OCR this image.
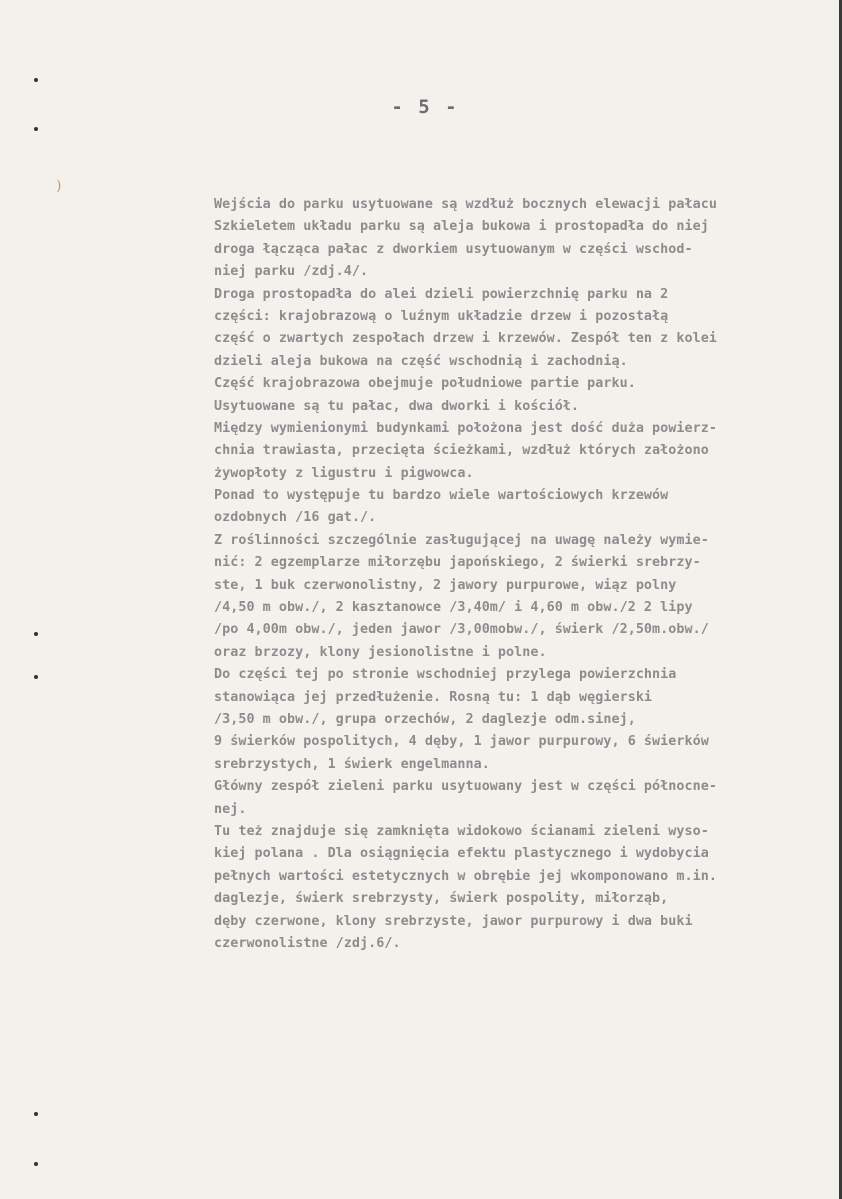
)
- 5 -
Wejścia do parku usytuowane są wzdłuż bocznych elewacji pałacu
Szkieletem układu parku są aleja bukowa i prostopadła do niej
droga łącząca pałac z dworkiem usytuowanym w części wschod-
niej parku /zdj.4/.
Droga prostopadła do alei dzieli powierzchnię parku na 2
części: krajobrazową o luźnym układzie drzew i pozostałą
część o zwartych zespołach drzew i krzewów. Zespół ten z kolei
dzieli aleja bukowa na część wschodnią i zachodnią.
Część krajobrazowa obejmuje południowe partie parku.
Usytuowane są tu pałac, dwa dworki i kościół.
Między wymienionymi budynkami położona jest dość duża powierz-
chnia trawiasta, przecięta ścieżkami, wzdłuż których założono
żywopłoty z ligustru i pigwowca.
Ponad to występuje tu bardzo wiele wartościowych krzewów
ozdobnych /16 gat./.
Z roślinności szczególnie zasługującej na uwagę należy wymie-
nić: 2 egzemplarze miłorzębu japońskiego, 2 świerki srebrzy-
ste, 1 buk czerwonolistny, 2 jawory purpurowe, wiąz polny
/4,50 m obw./, 2 kasztanowce /3,40m/ i 4,60 m obw./2 2 lipy
/po 4,00m obw./, jeden jawor /3,00mobw./, świerk /2,50m.obw./
oraz brzozy, klony jesionolistne i polne.
Do części tej po stronie wschodniej przylega powierzchnia
stanowiąca jej przedłużenie. Rosną tu: 1 dąb węgierski
/3,50 m obw./, grupa orzechów, 2 daglezje odm.sinej,
9 świerków pospolitych, 4 dęby, 1 jawor purpurowy, 6 świerków
srebrzystych, 1 świerk engelmanna.
Główny zespół zieleni parku usytuowany jest w części północne-
nej.
Tu też znajduje się zamknięta widokowo ścianami zieleni wyso-
kiej polana . Dla osiągnięcia efektu plastycznego i wydobycia
pełnych wartości estetycznych w obrębie jej wkomponowano m.in.
daglezje, świerk srebrzysty, świerk pospolity, miłorząb,
dęby czerwone, klony srebrzyste, jawor purpurowy i dwa buki
czerwonolistne /zdj.6/.
